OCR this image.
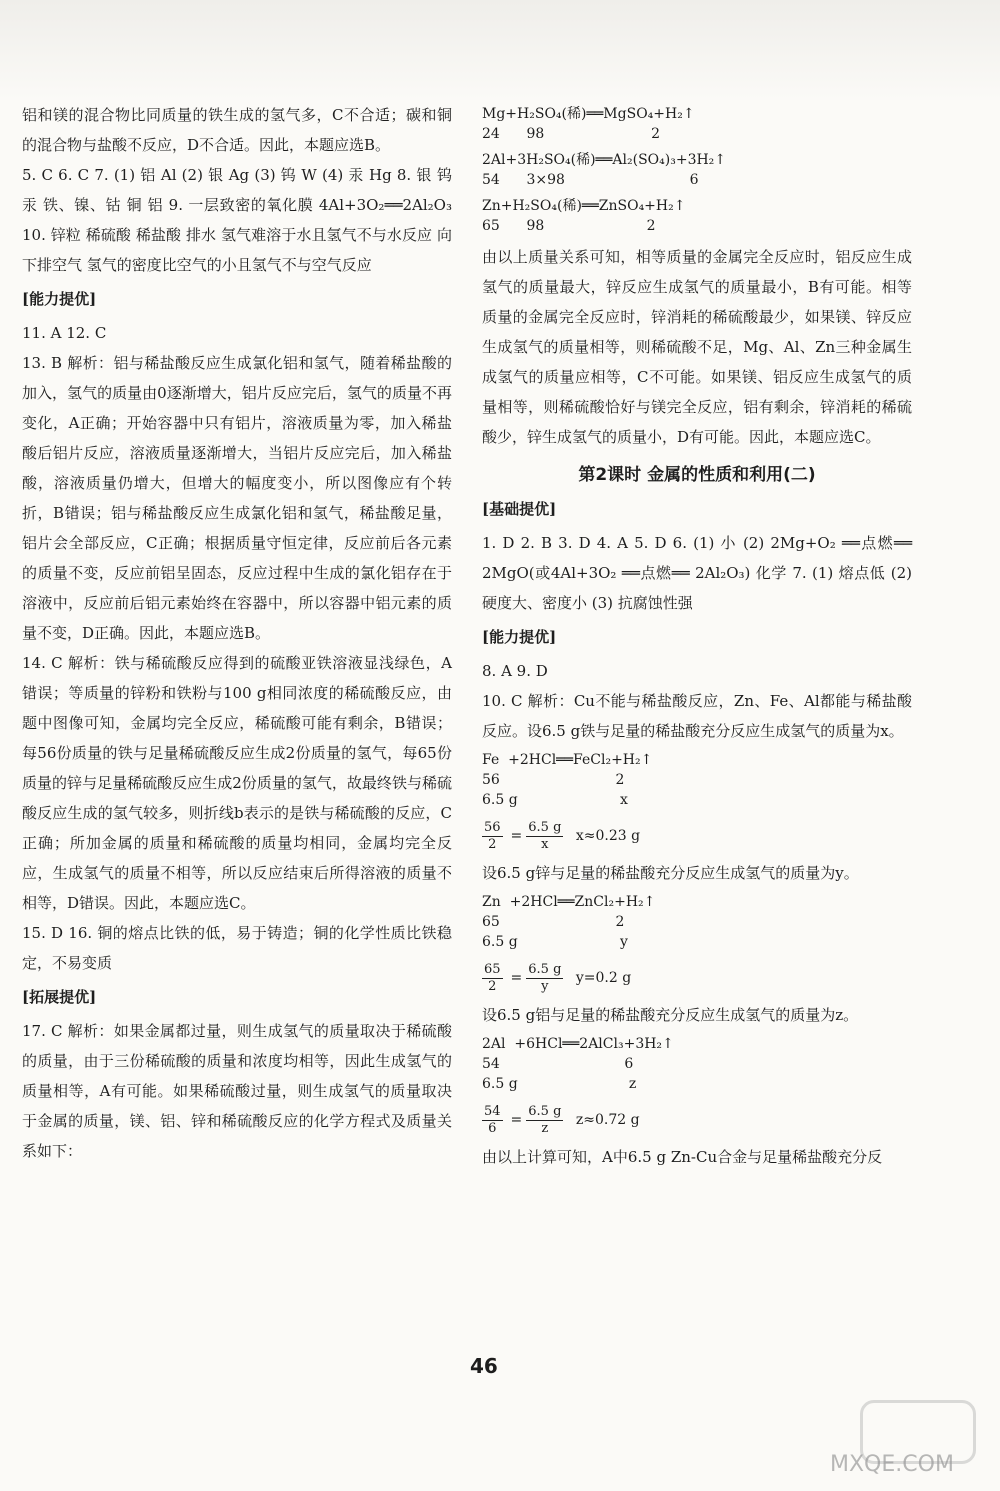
铝和镁的混合物比同质量的铁生成的氢气多，C不合适；碳和铜的混合物与盐酸不反应，D不合适。因此，本题应选B。

5. C 6. C 7. (1) 铝 Al (2) 银 Ag (3) 钨 W (4) 汞 Hg 8. 银 钨 汞 铁、镍、钴 铜 铝 9. 一层致密的氧化膜 4Al+3O₂══2Al₂O₃ 10. 锌粒 稀硫酸 稀盐酸 排水 氢气难溶于水且氢气不与水反应 向下排空气 氢气的密度比空气的小且氢气不与空气反应

[能力提优]

11. A 12. C

13. B 解析：铝与稀盐酸反应生成氯化铝和氢气，随着稀盐酸的加入，氢气的质量由0逐渐增大，铝片反应完后，氢气的质量不再变化，A正确；开始容器中只有铝片，溶液质量为零，加入稀盐酸后铝片反应，溶液质量逐渐增大，当铝片反应完后，加入稀盐酸，溶液质量仍增大，但增大的幅度变小，所以图像应有个转折，B错误；铝与稀盐酸反应生成氯化铝和氢气，稀盐酸足量，铝片会全部反应，C正确；根据质量守恒定律，反应前后各元素的质量不变，反应前铝呈固态，反应过程中生成的氯化铝存在于溶液中，反应前后铝元素始终在容器中，所以容器中铝元素的质量不变，D正确。因此，本题应选B。

14. C 解析：铁与稀硫酸反应得到的硫酸亚铁溶液显浅绿色，A错误；等质量的锌粉和铁粉与100 g相同浓度的稀硫酸反应，由题中图像可知，金属均完全反应，稀硫酸可能有剩余，B错误；每56份质量的铁与足量稀硫酸反应生成2份质量的氢气，每65份质量的锌与足量稀硫酸反应生成2份质量的氢气，故最终铁与稀硫酸反应生成的氢气较多，则折线b表示的是铁与稀硫酸的反应，C正确；所加金属的质量和稀硫酸的质量均相同，金属均完全反应，生成氢气的质量不相等，所以反应结束后所得溶液的质量不相等，D错误。因此，本题应选C。

15. D 16. 铜的熔点比铁的低，易于铸造；铜的化学性质比铁稳定，不易变质

[拓展提优]

17. C 解析：如果金属都过量，则生成氢气的质量取决于稀硫酸的质量，由于三份稀硫酸的质量和浓度均相等，因此生成氢气的质量相等，A有可能。如果稀硫酸过量，则生成氢气的质量取决于金属的质量，镁、铝、锌和稀硫酸反应的化学方程式及质量关系如下：

Mg+H₂SO₄(稀)══MgSO₄+H₂↑
24      98                        2
2Al+3H₂SO₄(稀)══Al₂(SO₄)₃+3H₂↑
54      3×98                            6
Zn+H₂SO₄(稀)══ZnSO₄+H₂↑
65      98                       2

由以上质量关系可知，相等质量的金属完全反应时，铝反应生成氢气的质量最大，锌反应生成氢气的质量最小，B有可能。相等质量的金属完全反应时，锌消耗的稀硫酸最少，如果镁、锌反应生成氢气的质量相等，则稀硫酸不足，Mg、Al、Zn三种金属生成氢气的质量应相等，C不可能。如果镁、铝反应生成氢气的质量相等，则稀硫酸恰好与镁完全反应，铝有剩余，锌消耗的稀硫酸少，锌生成氢气的质量小，D有可能。因此，本题应选C。

第2课时 金属的性质和利用(二)
[基础提优]

1. D 2. B 3. D 4. A 5. D 6. (1) 小 (2) 2Mg+O₂ ══点燃══ 2MgO(或4Al+3O₂ ══点燃══ 2Al₂O₃) 化学 7. (1) 熔点低 (2) 硬度大、密度小 (3) 抗腐蚀性强

[能力提优]

8. A 9. D

10. C 解析：Cu不能与稀盐酸反应，Zn、Fe、Al都能与稀盐酸反应。设6.5 g铁与足量的稀盐酸充分反应生成氢气的质量为x。

Fe  +2HCl══FeCl₂+H₂↑
56                          2
6.5 g                       x
$\frac{56}{2} = \frac{6.5 g}{x} x\approx 0.23$ g

设6.5 g锌与足量的稀盐酸充分反应生成氢气的质量为y。

Zn  +2HCl══ZnCl₂+H₂↑
65                          2
6.5 g                       y
$\frac{65}{2} = \frac{6.5 g}{y} y=0.2$ g

设6.5 g铝与足量的稀盐酸充分反应生成氢气的质量为z。

2Al  +6HCl══2AlCl₃+3H₂↑
54                            6
6.5 g                         z
$\frac{54}{6} = \frac{6.5 g}{z} z\approx 0.72$ g

由以上计算可知，A中6.5 g Zn-Cu合金与足量稀盐酸充分反

46
MXQE.COM
